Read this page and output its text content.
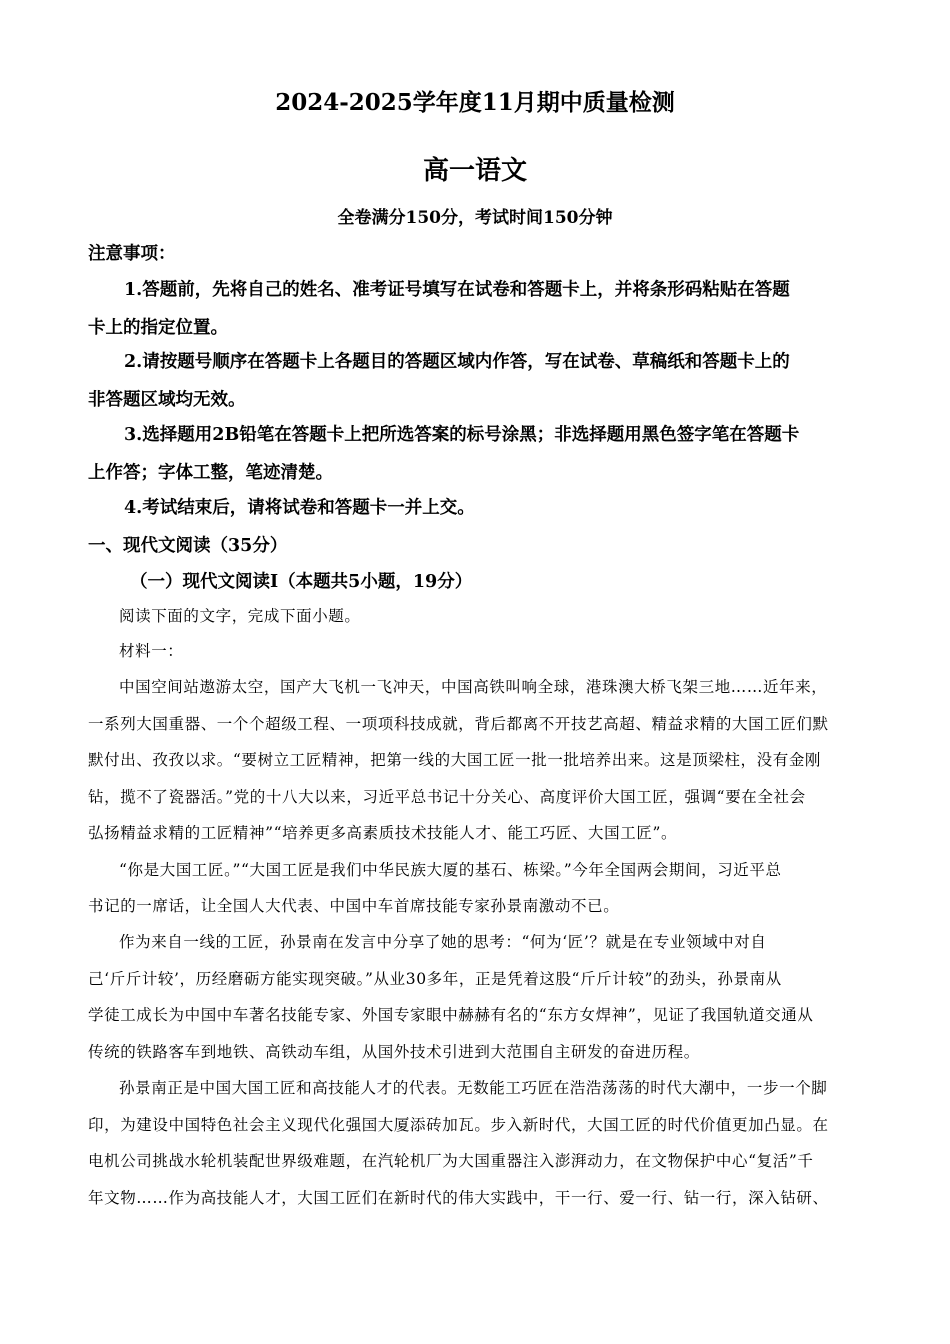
2024-2025学年度11月期中质量检测
高一语文
全卷满分150分，考试时间150分钟
注意事项：
1.答题前，先将自己的姓名、准考证号填写在试卷和答题卡上，并将条形码粘贴在答题
卡上的指定位置。
2.请按题号顺序在答题卡上各题目的答题区域内作答，写在试卷、草稿纸和答题卡上的
非答题区域均无效。
3.选择题用2B铅笔在答题卡上把所选答案的标号涂黑；非选择题用黑色签字笔在答题卡
上作答；字体工整，笔迹清楚。
4.考试结束后，请将试卷和答题卡一并上交。
一、现代文阅读（35分）
（一）现代文阅读Ⅰ（本题共5小题，19分）
阅读下面的文字，完成下面小题。
材料一：
中国空间站遨游太空，国产大飞机一飞冲天，中国高铁叫响全球，港珠澳大桥飞架三地……近年来，
一系列大国重器、一个个超级工程、一项项科技成就，背后都离不开技艺高超、精益求精的大国工匠们默
默付出、孜孜以求。“要树立工匠精神，把第一线的大国工匠一批一批培养出来。这是顶梁柱，没有金刚
钻，揽不了瓷器活。”党的十八大以来，习近平总书记十分关心、高度评价大国工匠，强调“要在全社会
弘扬精益求精的工匠精神”“培养更多高素质技术技能人才、能工巧匠、大国工匠”。
“你是大国工匠。”“大国工匠是我们中华民族大厦的基石、栋梁。”今年全国两会期间，习近平总
书记的一席话，让全国人大代表、中国中车首席技能专家孙景南激动不已。
作为来自一线的工匠，孙景南在发言中分享了她的思考：“何为‘匠’？就是在专业领域中对自
己‘斤斤计较’，历经磨砺方能实现突破。”从业30多年，正是凭着这股“斤斤计较”的劲头，孙景南从
学徒工成长为中国中车著名技能专家、外国专家眼中赫赫有名的“东方女焊神”，见证了我国轨道交通从
传统的铁路客车到地铁、高铁动车组，从国外技术引进到大范围自主研发的奋进历程。
孙景南正是中国大国工匠和高技能人才的代表。无数能工巧匠在浩浩荡荡的时代大潮中，一步一个脚
印，为建设中国特色社会主义现代化强国大厦添砖加瓦。步入新时代，大国工匠的时代价值更加凸显。在
电机公司挑战水轮机装配世界级难题，在汽轮机厂为大国重器注入澎湃动力，在文物保护中心“复活”千
年文物……作为高技能人才，大国工匠们在新时代的伟大实践中，干一行、爱一行、钻一行，深入钻研、
